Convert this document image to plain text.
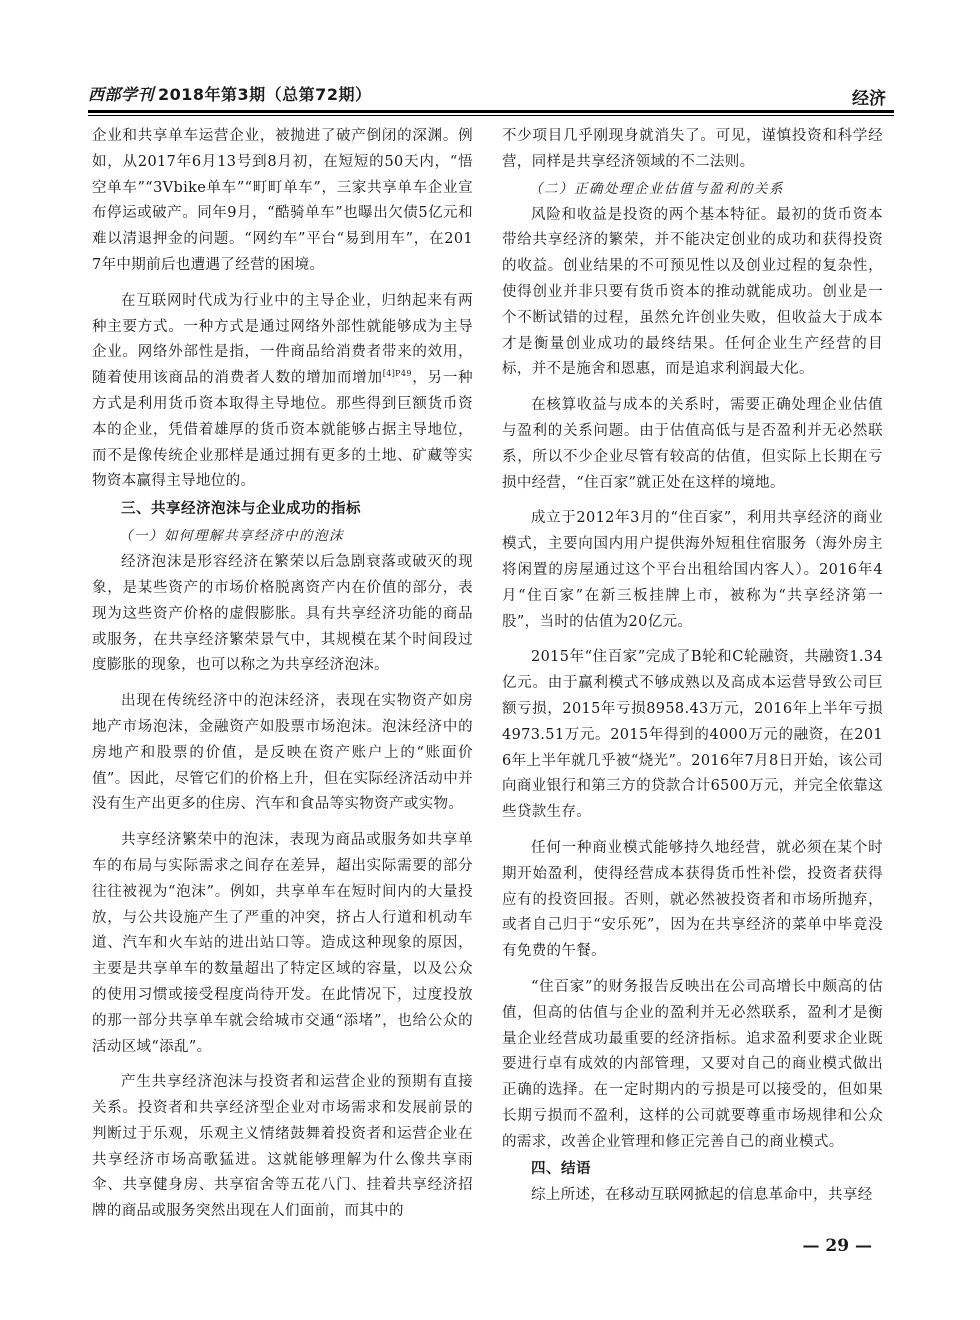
西部学刊 2018年第3期（总第72期）	经济

企业和共享单车运营企业，被抛进了破产倒闭的深渊。例如，从2017年6月13号到8月初，在短短的50天内，“悟空单车”“3Vbike单车”“町町单车”，三家共享单车企业宣布停运或破产。同年9月，“酷骑单车”也曝出欠债5亿元和难以清退押金的问题。“网约车”平台“易到用车”，在2017年中期前后也遭遇了经营的困境。

在互联网时代成为行业中的主导企业，归纳起来有两种主要方式。一种方式是通过网络外部性就能够成为主导企业。网络外部性是指，一件商品给消费者带来的效用，随着使用该商品的消费者人数的增加而增加$^{[4]P49}$，另一种方式是利用货币资本取得主导地位。那些得到巨额货币资本的企业，凭借着雄厚的货币资本就能够占据主导地位，而不是像传统企业那样是通过拥有更多的土地、矿藏等实物资本赢得主导地位的。

三、共享经济泡沫与企业成功的指标
（一）如何理解共享经济中的泡沫

经济泡沫是形容经济在繁荣以后急剧衰落或破灭的现象，是某些资产的市场价格脱离资产内在价值的部分，表现为这些资产价格的虚假膨胀。具有共享经济功能的商品或服务，在共享经济繁荣景气中，其规模在某个时间段过度膨胀的现象，也可以称之为共享经济泡沫。

出现在传统经济中的泡沫经济，表现在实物资产如房地产市场泡沫，金融资产如股票市场泡沫。泡沫经济中的房地产和股票的价值，是反映在资产账户上的“账面价值”。因此，尽管它们的价格上升，但在实际经济活动中并没有生产出更多的住房、汽车和食品等实物资产或实物。

共享经济繁荣中的泡沫，表现为商品或服务如共享单车的布局与实际需求之间存在差异，超出实际需要的部分往往被视为“泡沫”。例如，共享单车在短时间内的大量投放，与公共设施产生了严重的冲突，挤占人行道和机动车道、汽车和火车站的进出站口等。造成这种现象的原因，主要是共享单车的数量超出了特定区域的容量，以及公众的使用习惯或接受程度尚待开发。在此情况下，过度投放的那一部分共享单车就会给城市交通“添堵”，也给公众的活动区域“添乱”。

产生共享经济泡沫与投资者和运营企业的预期有直接关系。投资者和共享经济型企业对市场需求和发展前景的判断过于乐观，乐观主义情绪鼓舞着投资者和运营企业在共享经济市场高歌猛进。这就能够理解为什么像共享雨伞、共享健身房、共享宿舍等五花八门、挂着共享经济招牌的商品或服务突然出现在人们面前，而其中的

不少项目几乎刚现身就消失了。可见，谨慎投资和科学经营，同样是共享经济领域的不二法则。

（二）正确处理企业估值与盈利的关系

风险和收益是投资的两个基本特征。最初的货币资本带给共享经济的繁荣，并不能决定创业的成功和获得投资的收益。创业结果的不可预见性以及创业过程的复杂性，使得创业并非只要有货币资本的推动就能成功。创业是一个不断试错的过程，虽然允许创业失败，但收益大于成本才是衡量创业成功的最终结果。任何企业生产经营的目标，并不是施舍和恩惠，而是追求利润最大化。

在核算收益与成本的关系时，需要正确处理企业估值与盈利的关系问题。由于估值高低与是否盈利并无必然联系，所以不少企业尽管有较高的估值，但实际上长期在亏损中经营，“住百家”就正处在这样的境地。

成立于2012年3月的“住百家”，利用共享经济的商业模式，主要向国内用户提供海外短租住宿服务（海外房主将闲置的房屋通过这个平台出租给国内客人）。2016年4月“住百家”在新三板挂牌上市，被称为“共享经济第一股”，当时的估值为20亿元。

2015年“住百家”完成了B轮和C轮融资，共融资1.34亿元。由于赢利模式不够成熟以及高成本运营导致公司巨额亏损，2015年亏损8958.43万元，2016年上半年亏损4973.51万元。2015年得到的4000万元的融资，在2016年上半年就几乎被“烧光”。2016年7月8日开始，该公司向商业银行和第三方的贷款合计6500万元，并完全依靠这些贷款生存。

任何一种商业模式能够持久地经营，就必须在某个时期开始盈利，使得经营成本获得货币性补偿，投资者获得应有的投资回报。否则，就必然被投资者和市场所抛弃，或者自己归于“安乐死”，因为在共享经济的菜单中毕竟没有免费的午餐。

“住百家”的财务报告反映出在公司高增长中颇高的估值，但高的估值与企业的盈利并无必然联系，盈利才是衡量企业经营成功最重要的经济指标。追求盈利要求企业既要进行卓有成效的内部管理，又要对自己的商业模式做出正确的选择。在一定时期内的亏损是可以接受的，但如果长期亏损而不盈利，这样的公司就要尊重市场规律和公众的需求，改善企业管理和修正完善自己的商业模式。

四、结语

综上所述，在移动互联网掀起的信息革命中，共享经

— 29 —
